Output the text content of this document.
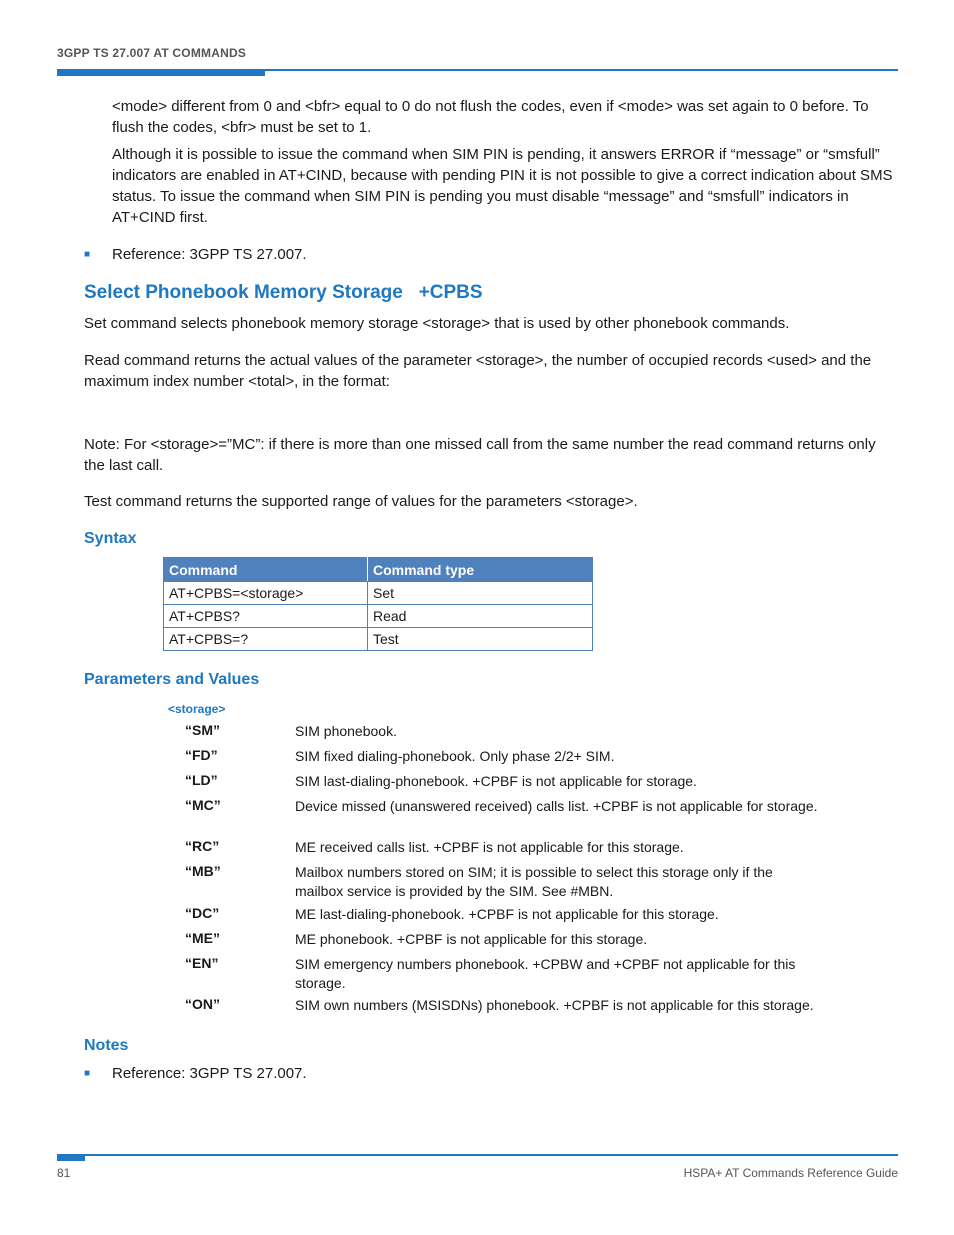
3GPP TS 27.007 AT COMMANDS
<mode> different from 0 and <bfr> equal to 0 do not flush the codes, even if <mode> was set again to 0 before. To flush the codes, <bfr> must be set to 1.
Although it is possible to issue the command when SIM PIN is pending, it answers ERROR if “message” or “smsfull” indicators are enabled in AT+CIND, because with pending PIN it is not possible to give a correct indication about SMS status. To issue the command when SIM PIN is pending you must disable “message” and “smsfull” indicators in AT+CIND first.
■ Reference: 3GPP TS 27.007.
Select Phonebook Memory Storage   +CPBS
Set command selects phonebook memory storage <storage> that is used by other phonebook commands.
Read command returns the actual values of the parameter <storage>, the number of occupied records <used> and the maximum index number <total>, in the format:
Note: For <storage>=”MC”: if there is more than one missed call from the same number the read command returns only the last call.
Test command returns the supported range of values for the parameters <storage>.
Syntax
Command	Command type
AT+CPBS=<storage>	Set
AT+CPBS?	Read
AT+CPBS=?	Test
Parameters and Values
<storage>
“SM”	SIM phonebook.
“FD”	SIM fixed dialing-phonebook. Only phase 2/2+ SIM.
“LD”	SIM last-dialing-phonebook. +CPBF is not applicable for storage.
“MC”	Device missed (unanswered received) calls list. +CPBF is not applicable for storage.
“RC”	ME received calls list. +CPBF is not applicable for this storage.
“MB”	Mailbox numbers stored on SIM; it is possible to select this storage only if the mailbox service is provided by the SIM. See #MBN.
“DC”	ME last-dialing-phonebook. +CPBF is not applicable for this storage.
“ME”	ME phonebook. +CPBF is not applicable for this storage.
“EN”	SIM emergency numbers phonebook. +CPBW and +CPBF not applicable for this storage.
“ON”	SIM own numbers (MSISDNs) phonebook. +CPBF is not applicable for this storage.
Notes
■ Reference: 3GPP TS 27.007.
81	HSPA+ AT Commands Reference Guide
